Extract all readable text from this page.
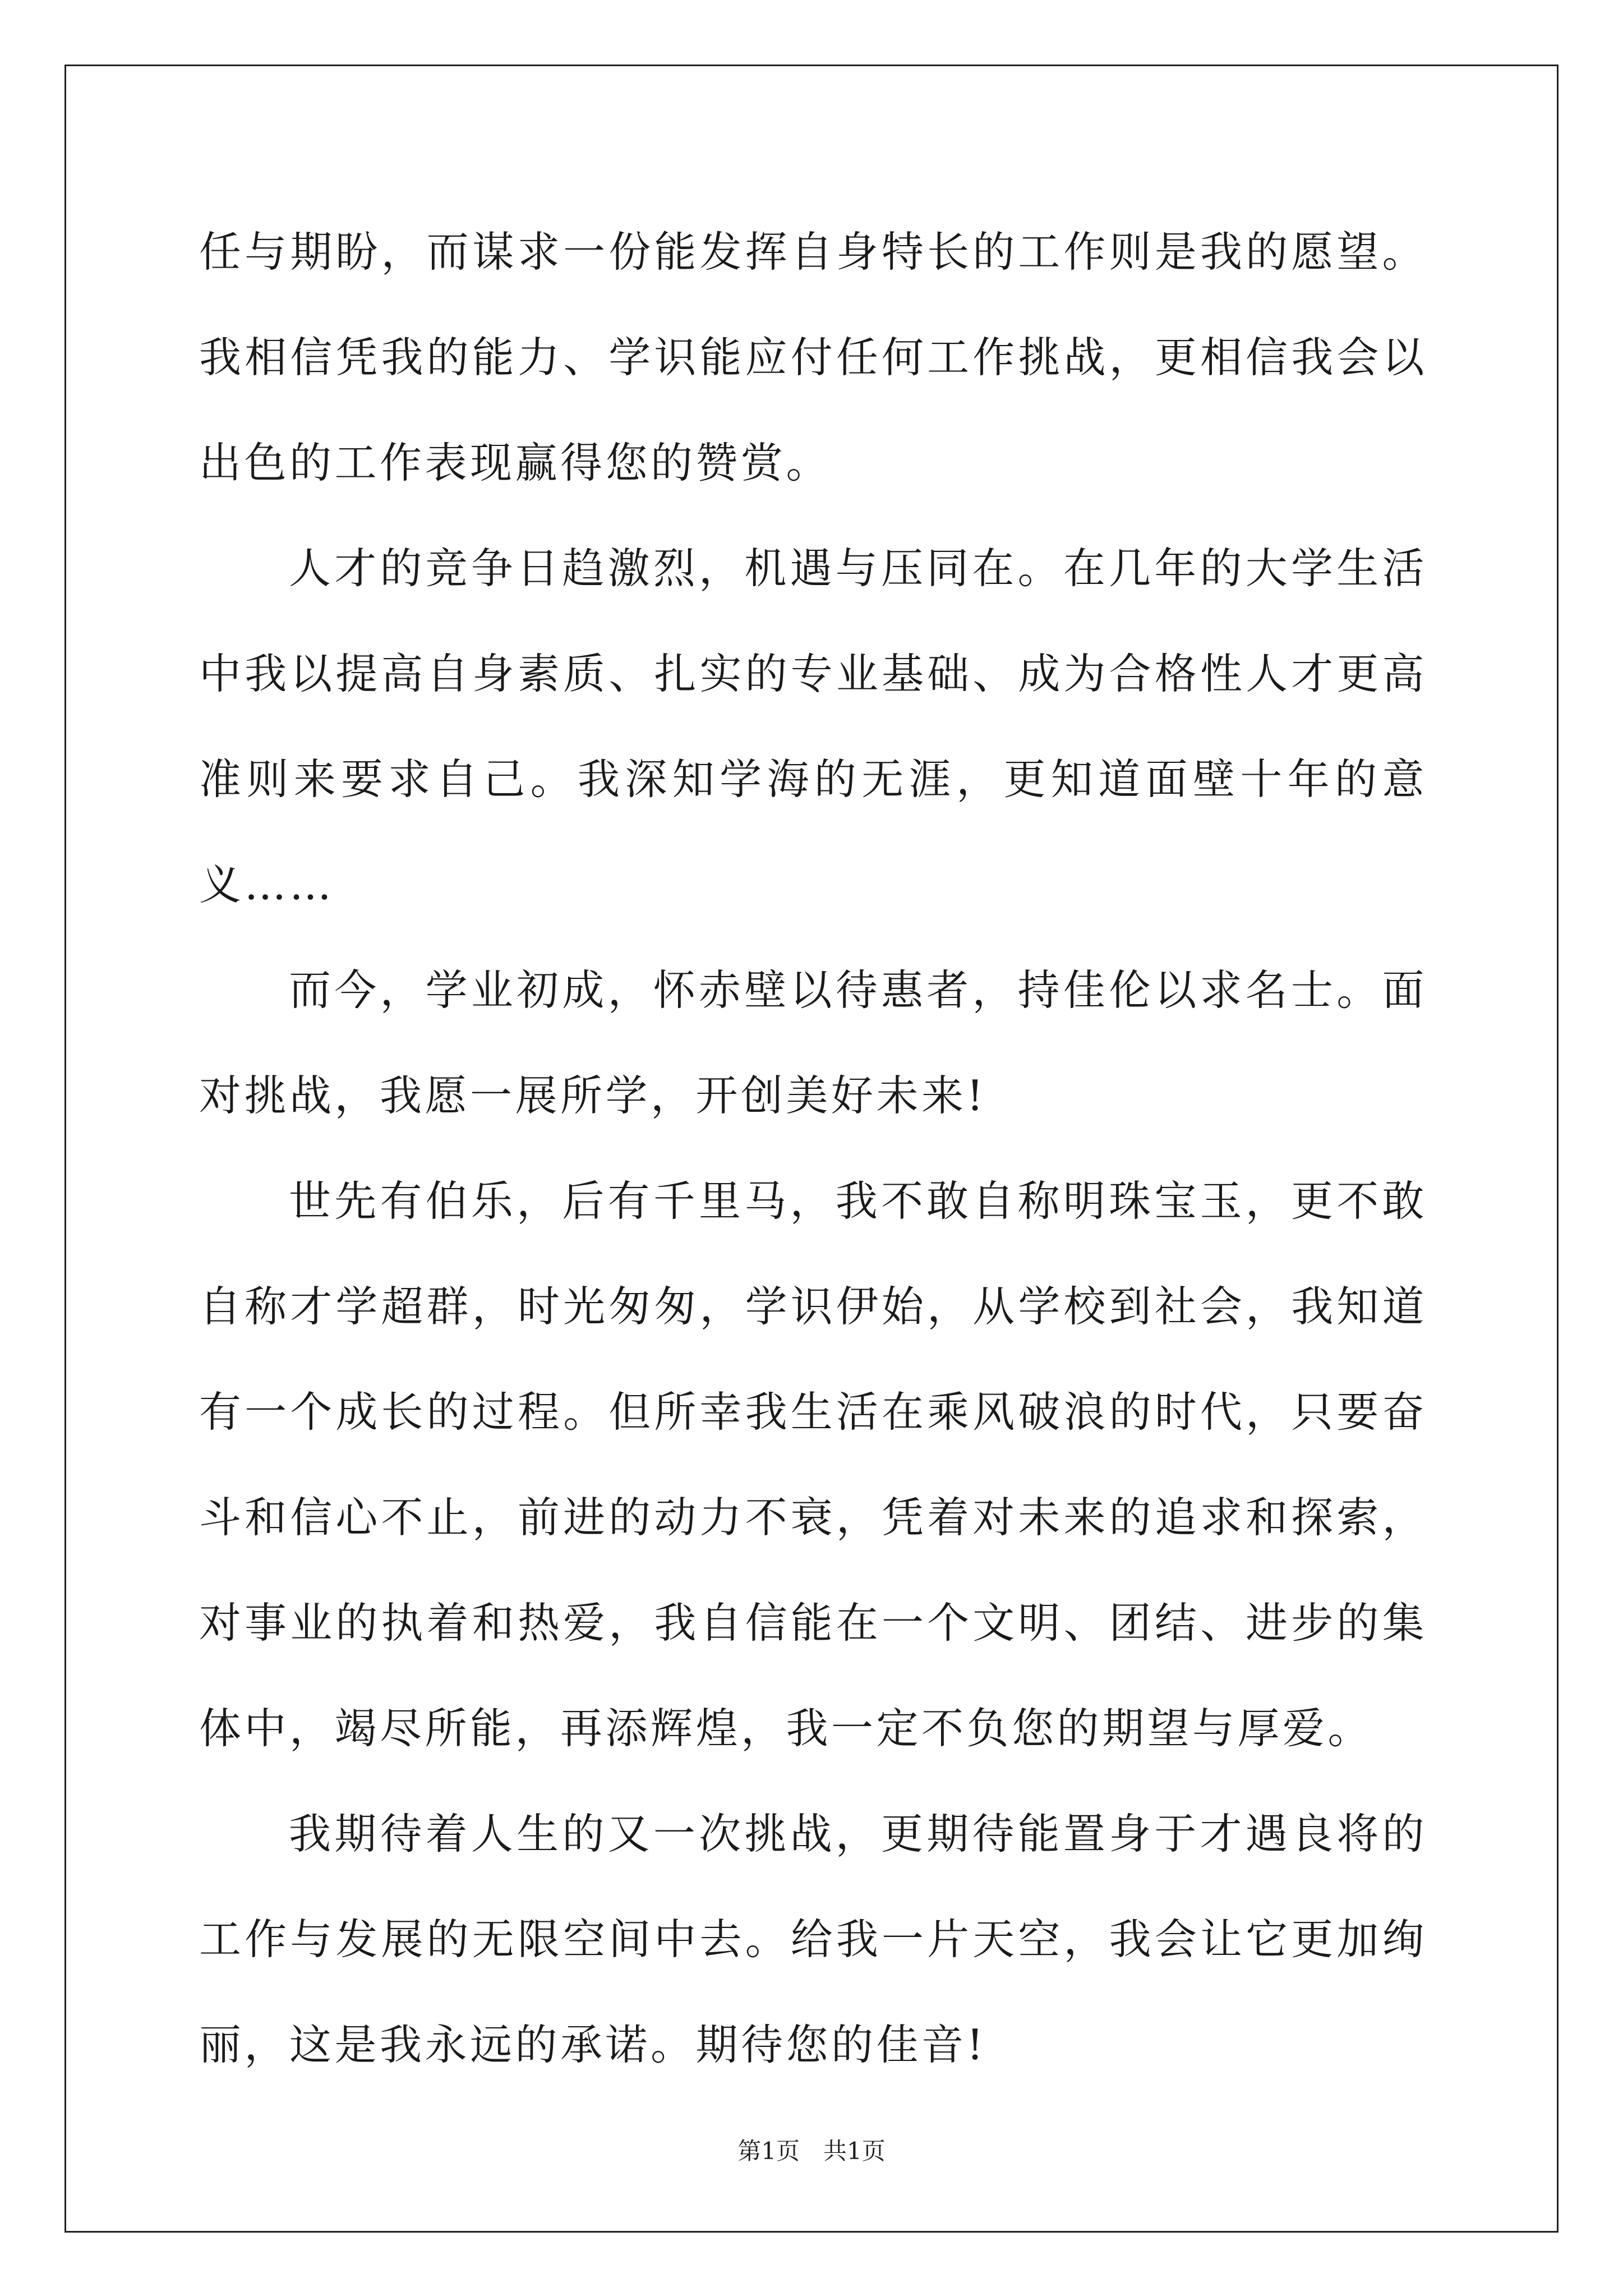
任与期盼，而谋求一份能发挥自身特长的工作则是我的愿望。我相信凭我的能力、学识能应付任何工作挑战，更相信我会以出色的工作表现赢得您的赞赏。

人才的竞争日趋激烈，机遇与压同在。在几年的大学生活中我以提高自身素质、扎实的专业基础、成为合格性人才更高准则来要求自己。我深知学海的无涯，更知道面壁十年的意义……

而今，学业初成，怀赤壁以待惠者，持佳伦以求名士。面对挑战，我愿一展所学，开创美好未来!

世先有伯乐，后有千里马，我不敢自称明珠宝玉，更不敢自称才学超群，时光匆匆，学识伊始，从学校到社会，我知道有一个成长的过程。但所幸我生活在乘风破浪的时代，只要奋斗和信心不止，前进的动力不衰，凭着对未来的追求和探索，对事业的执着和热爱，我自信能在一个文明、团结、进步的集体中，竭尽所能，再添辉煌，我一定不负您的期望与厚爱。

我期待着人生的又一次挑战，更期待能置身于才遇良将的工作与发展的无限空间中去。给我一片天空，我会让它更加绚丽，这是我永远的承诺。期待您的佳音!

第1页　共1页
